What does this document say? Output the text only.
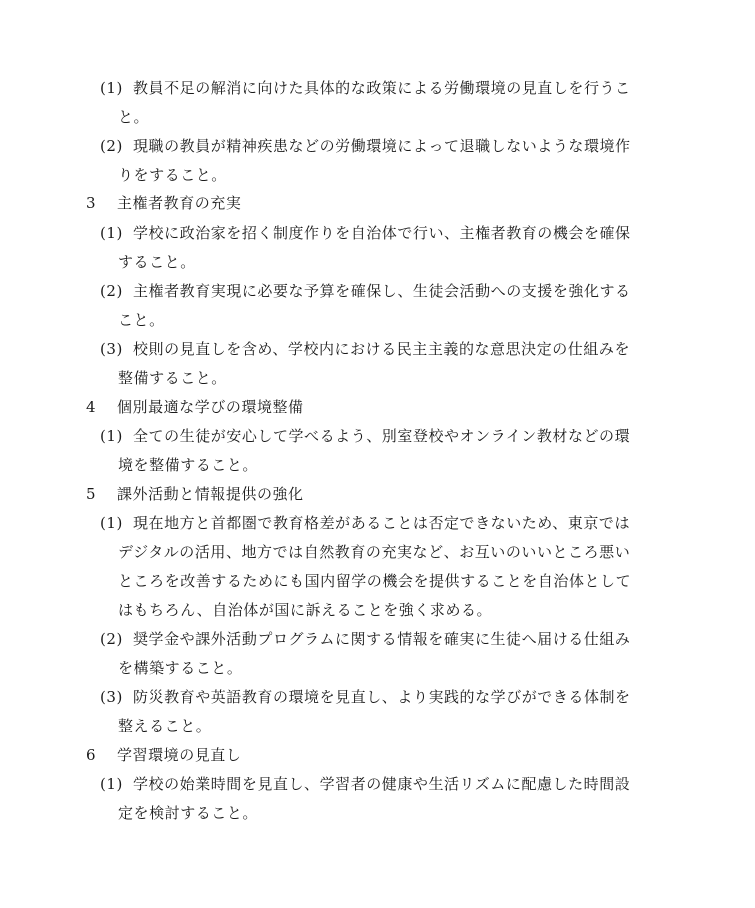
(1) 教員不足の解消に向けた具体的な政策による労働環境の見直しを行うこ
と。
(2) 現職の教員が精神疾患などの労働環境によって退職しないような環境作
りをすること。
3 主権者教育の充実
(1) 学校に政治家を招く制度作りを自治体で行い、主権者教育の機会を確保
すること。
(2) 主権者教育実現に必要な予算を確保し、生徒会活動への支援を強化する
こと。
(3) 校則の見直しを含め、学校内における民主主義的な意思決定の仕組みを
整備すること。
4 個別最適な学びの環境整備
(1) 全ての生徒が安心して学べるよう、別室登校やオンライン教材などの環
境を整備すること。
5 課外活動と情報提供の強化
(1) 現在地方と首都圏で教育格差があることは否定できないため、東京では
デジタルの活用、地方では自然教育の充実など、お互いのいいところ悪い
ところを改善するためにも国内留学の機会を提供することを自治体として
はもちろん、自治体が国に訴えることを強く求める。
(2) 奨学金や課外活動プログラムに関する情報を確実に生徒へ届ける仕組み
を構築すること。
(3) 防災教育や英語教育の環境を見直し、より実践的な学びができる体制を
整えること。
6 学習環境の見直し
(1) 学校の始業時間を見直し、学習者の健康や生活リズムに配慮した時間設
定を検討すること。
